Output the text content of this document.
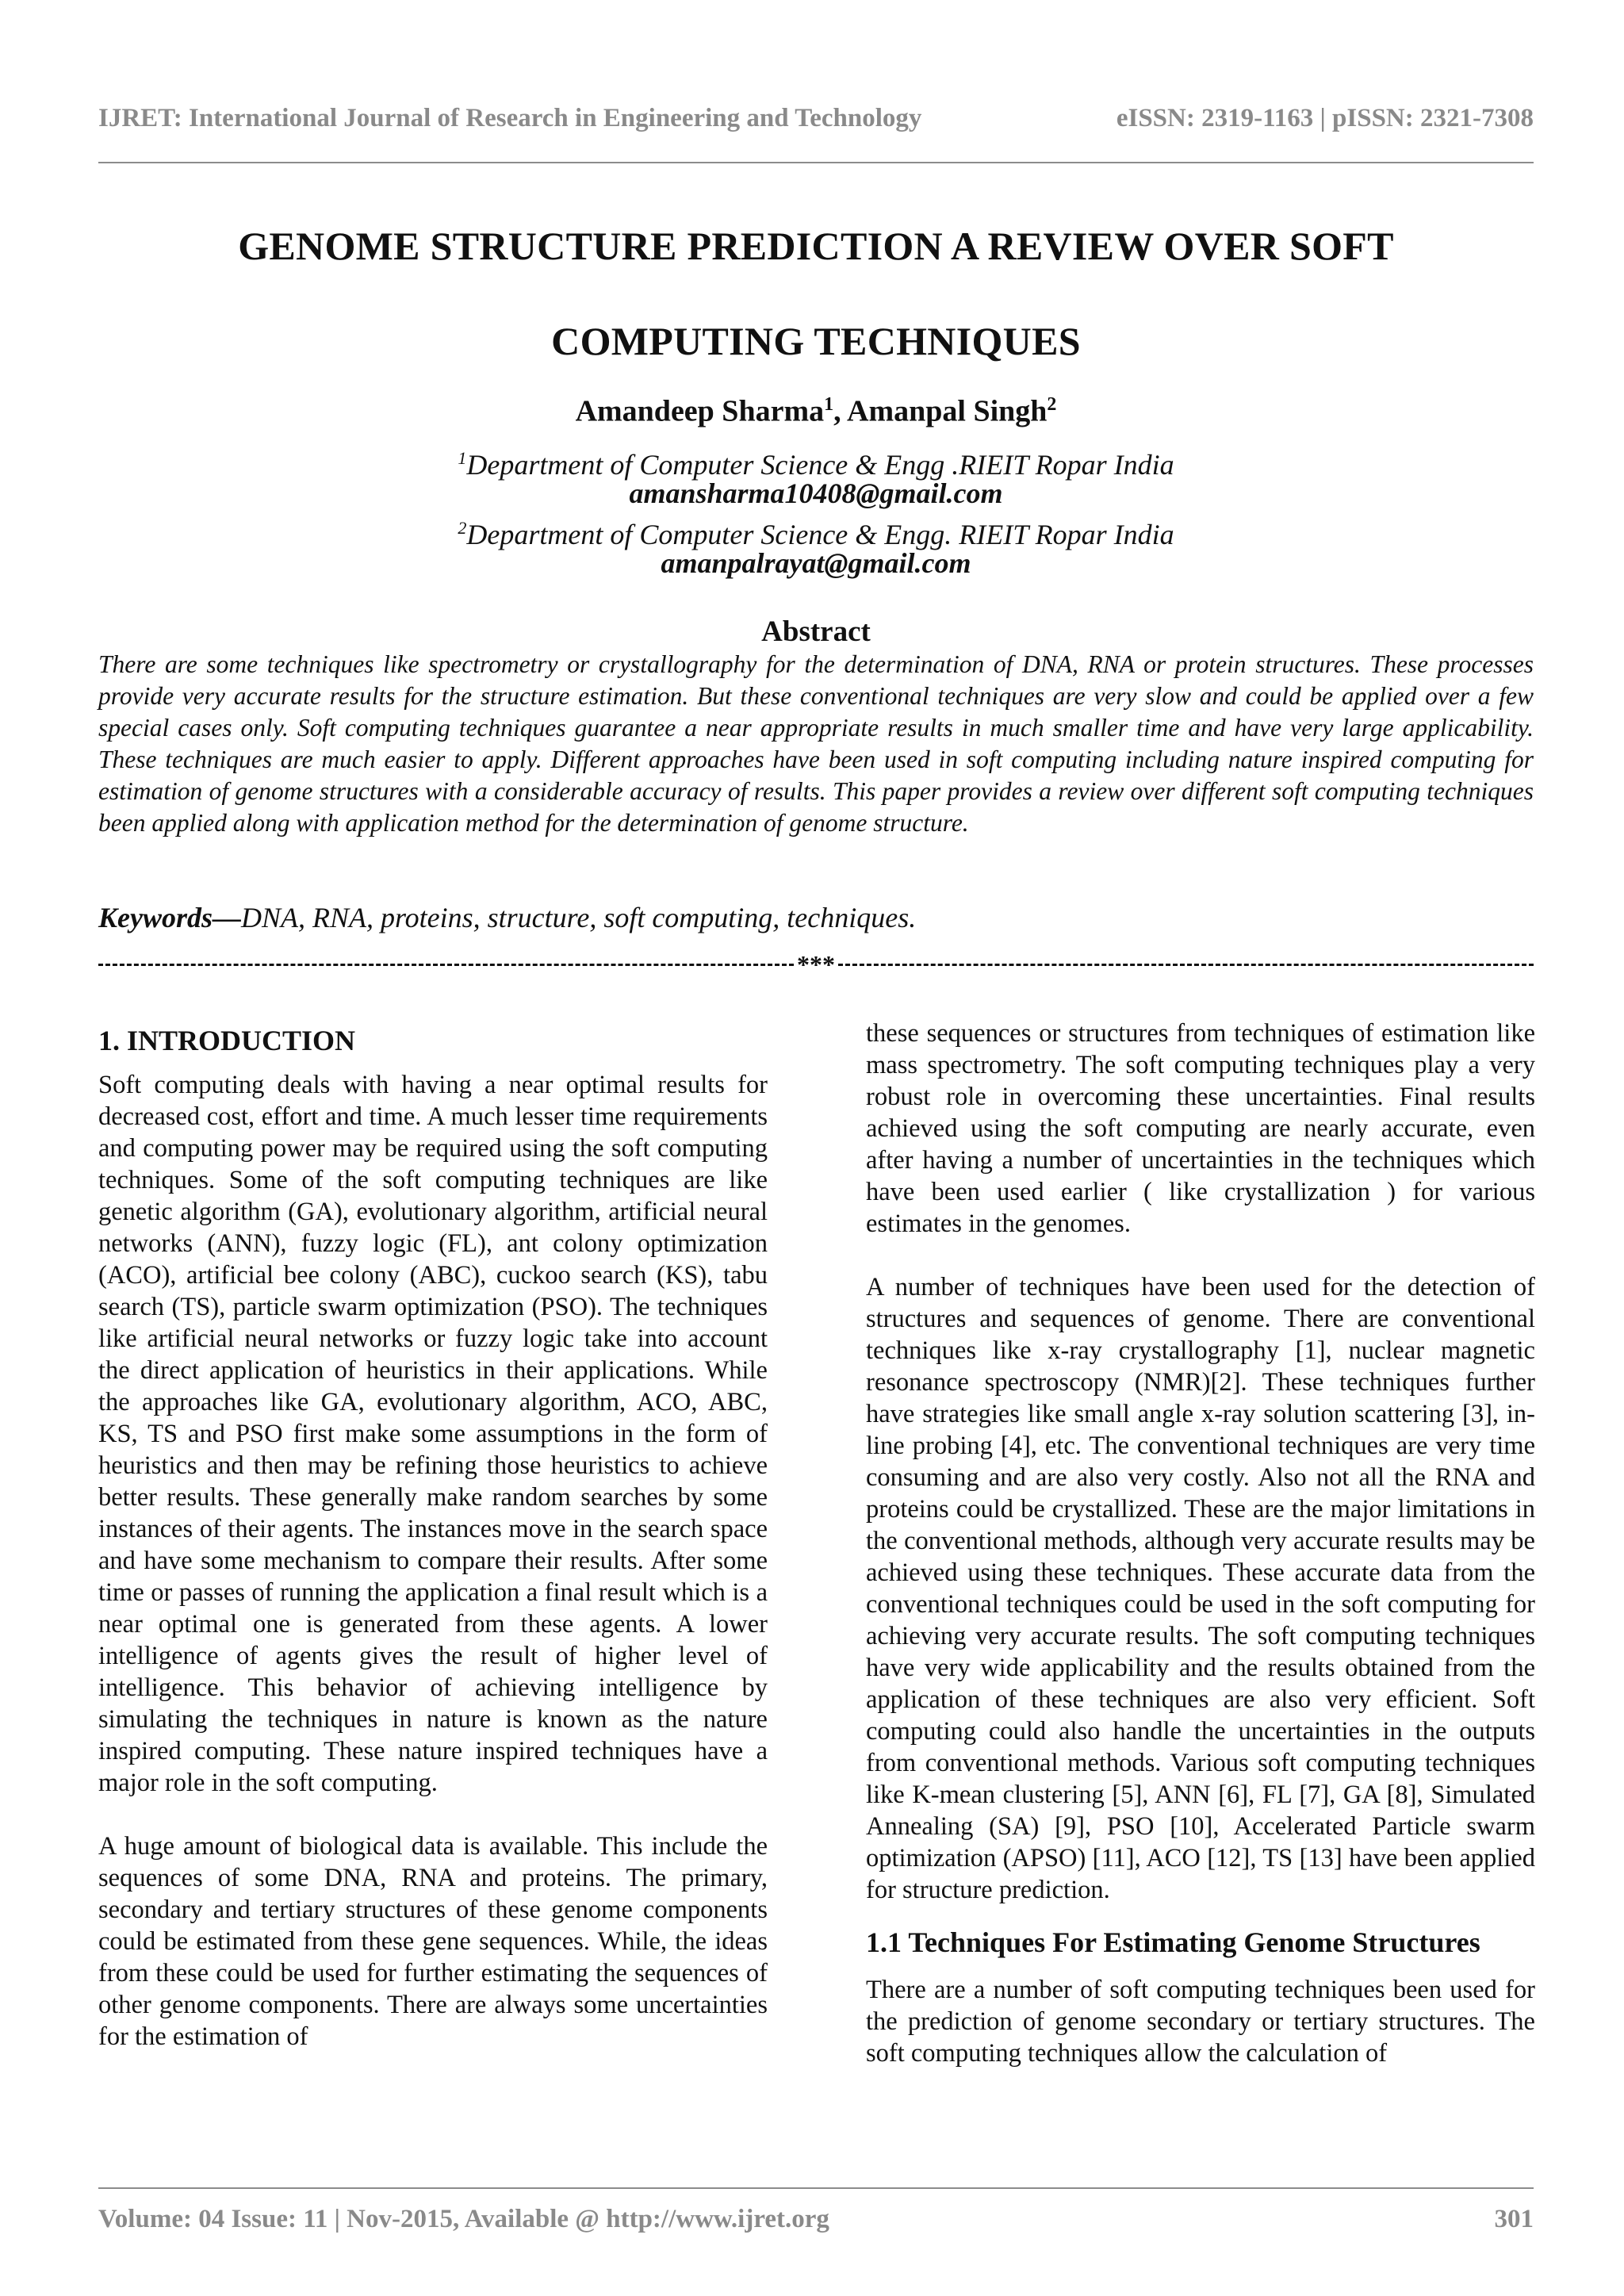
IJRET: International Journal of Research in Engineering and Technology	eISSN: 2319-1163 | pISSN: 2321-7308
GENOME STRUCTURE PREDICTION A REVIEW OVER SOFT
COMPUTING TECHNIQUES
Amandeep Sharma$^1$, Amanpal Singh$^2$
$^1$Department of Computer Science & Engg .RIEIT Ropar India
amansharma10408@gmail.com
$^2$Department of Computer Science & Engg. RIEIT Ropar India
amanpalrayat@gmail.com
Abstract

There are some techniques like spectrometry or crystallography for the determination of DNA, RNA or protein structures. These processes provide very accurate results for the structure estimation. But these conventional techniques are very slow and could be applied over a few special cases only. Soft computing techniques guarantee a near appropriate results in much smaller time and have very large applicability. These techniques are much easier to apply. Different approaches have been used in soft computing including nature inspired computing for estimation of genome structures with a considerable accuracy of results. This paper provides a review over different soft computing techniques been applied along with application method for the determination of genome structure.

Keywords—DNA, RNA, proteins, structure, soft computing, techniques.
***
1. INTRODUCTION

Soft computing deals with having a near optimal results for decreased cost, effort and time. A much lesser time requirements and computing power may be required using the soft computing techniques. Some of the soft computing techniques are like genetic algorithm (GA), evolutionary algorithm, artificial neural networks (ANN), fuzzy logic (FL), ant colony optimization (ACO), artificial bee colony (ABC), cuckoo search (KS), tabu search (TS), particle swarm optimization (PSO). The techniques like artificial neural networks or fuzzy logic take into account the direct application of heuristics in their applications. While the approaches like GA, evolutionary algorithm, ACO, ABC, KS, TS and PSO first make some assumptions in the form of heuristics and then may be refining those heuristics to achieve better results. These generally make random searches by some instances of their agents. The instances move in the search space and have some mechanism to compare their results. After some time or passes of running the application a final result which is a near optimal one is generated from these agents. A lower intelligence of agents gives the result of higher level of intelligence. This behavior of achieving intelligence by simulating the techniques in nature is known as the nature inspired computing. These nature inspired techniques have a major role in the soft computing.

A huge amount of biological data is available. This include the sequences of some DNA, RNA and proteins. The primary, secondary and tertiary structures of these genome components could be estimated from these gene sequences. While, the ideas from these could be used for further estimating the sequences of other genome components. There are always some uncertainties for the estimation of

these sequences or structures from techniques of estimation like mass spectrometry. The soft computing techniques play a very robust role in overcoming these uncertainties. Final results achieved using the soft computing are nearly accurate, even after having a number of uncertainties in the techniques which have been used earlier ( like crystallization ) for various estimates in the genomes.

A number of techniques have been used for the detection of structures and sequences of genome. There are conventional techniques like x-ray crystallography [1], nuclear magnetic resonance spectroscopy (NMR)[2]. These techniques further have strategies like small angle x-ray solution scattering [3], in-line probing [4], etc. The conventional techniques are very time consuming and are also very costly. Also not all the RNA and proteins could be crystallized. These are the major limitations in the conventional methods, although very accurate results may be achieved using these techniques. These accurate data from the conventional techniques could be used in the soft computing for achieving very accurate results. The soft computing techniques have very wide applicability and the results obtained from the application of these techniques are also very efficient. Soft computing could also handle the uncertainties in the outputs from conventional methods. Various soft computing techniques like K-mean clustering [5], ANN [6], FL [7], GA [8], Simulated Annealing (SA) [9], PSO [10], Accelerated Particle swarm optimization (APSO) [11], ACO [12], TS [13] have been applied for structure prediction.

1.1 Techniques For Estimating Genome Structures

There are a number of soft computing techniques been used for the prediction of genome secondary or tertiary structures. The soft computing techniques allow the calculation of

Volume: 04 Issue: 11 | Nov-2015, Available @ http://www.ijret.org	301
